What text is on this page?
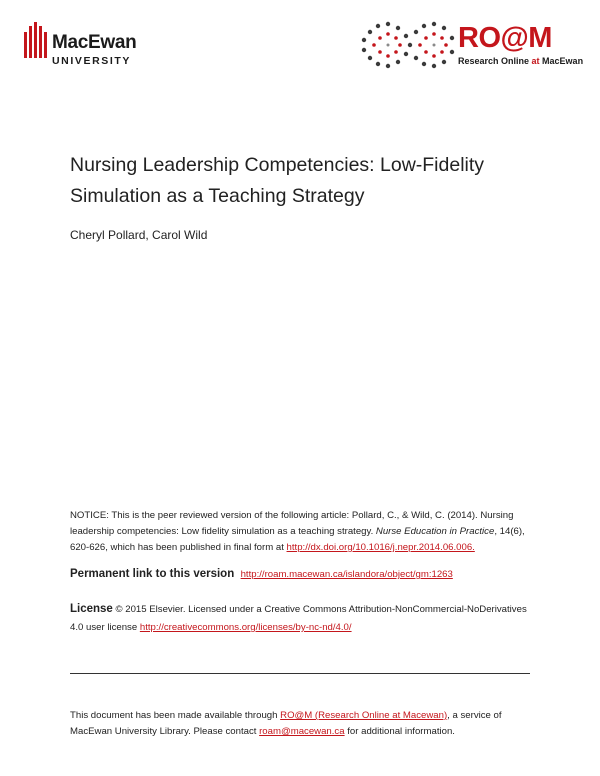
MacEwan
UNIVERSITY
RO@M
Research Online at MacEwan
Nursing Leadership Competencies: Low-Fidelity
Simulation as a Teaching Strategy
Cheryl Pollard, Carol Wild
NOTICE: This is the peer reviewed version of the following article: Pollard, C., & Wild, C. (2014). Nursing leadership competencies: Low fidelity simulation as a teaching strategy. Nurse Education in Practice, 14(6), 620-626, which has been published in final form at http://dx.doi.org/10.1016/j.nepr.2014.06.006.
Permanent link to this version http://roam.macewan.ca/islandora/object/gm:1263
License © 2015 Elsevier. Licensed under a Creative Commons Attribution-NonCommercial-NoDerivatives 4.0 user license http://creativecommons.org/licenses/by-nc-nd/4.0/
This document has been made available through RO@M (Research Online at Macewan), a service of MacEwan University Library. Please contact roam@macewan.ca for additional information.
